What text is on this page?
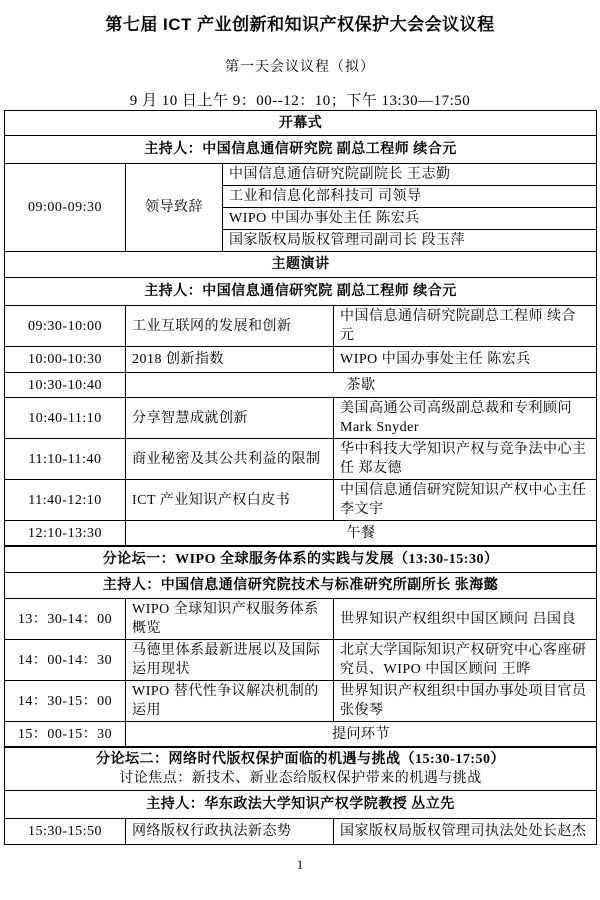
第七届 ICT 产业创新和知识产权保护大会会议议程
第一天会议议程（拟）
9 月 10 日上午 9：00--12：10；下午 13:30—17:50
开幕式			
主持人：中国信息通信研究院 副总工程师 续合元			
09:00-09:30	领导致辞	中国信息通信研究院副院长 王志勤	
		工业和信息化部科技司 司领导	
		WIPO 中国办事处主任 陈宏兵	
		国家版权局版权管理司副司长 段玉萍	
主题演讲			
主持人：中国信息通信研究院 副总工程师 续合元			
09:30-10:00	工业互联网的发展和创新		中国信息通信研究院副总工程师 续合元
10:00-10:30	2018 创新指数		WIPO 中国办事处主任 陈宏兵
10:30-10:40	茶歇		
10:40-11:10	分享智慧成就创新		美国高通公司高级副总裁和专利顾问 Mark Snyder
11:10-11:40	商业秘密及其公共利益的限制		华中科技大学知识产权与竞争法中心主任 郑友德
11:40-12:10	ICT 产业知识产权白皮书		中国信息通信研究院知识产权中心主任李文宇
12:10-13:30	午餐		
分论坛一：WIPO 全球服务体系的实践与发展（13:30-15:30）		
主持人：中国信息通信研究院技术与标准研究所副所长 张海懿		
13：30-14：00	WIPO 全球知识产权服务体系概览	世界知识产权组织中国区顾问 吕国良
14：00-14：30	马德里体系最新进展以及国际运用现状	北京大学国际知识产权研究中心客座研究员、WIPO 中国区顾问 王晔
14：30-15：00	WIPO 替代性争议解决机制的运用	世界知识产权组织中国办事处项目官员张俊琴
15：00-15：30	提问环节	
分论坛二：网络时代版权保护面临的机遇与挑战（15:30-17:50）
讨论焦点：新技术、新业态给版权保护带来的机遇与挑战

主持人：华东政法大学知识产权学院教授 丛立先
15:30-15:50	网络版权行政执法新态势	国家版权局版权管理司执法处处长赵杰
1
